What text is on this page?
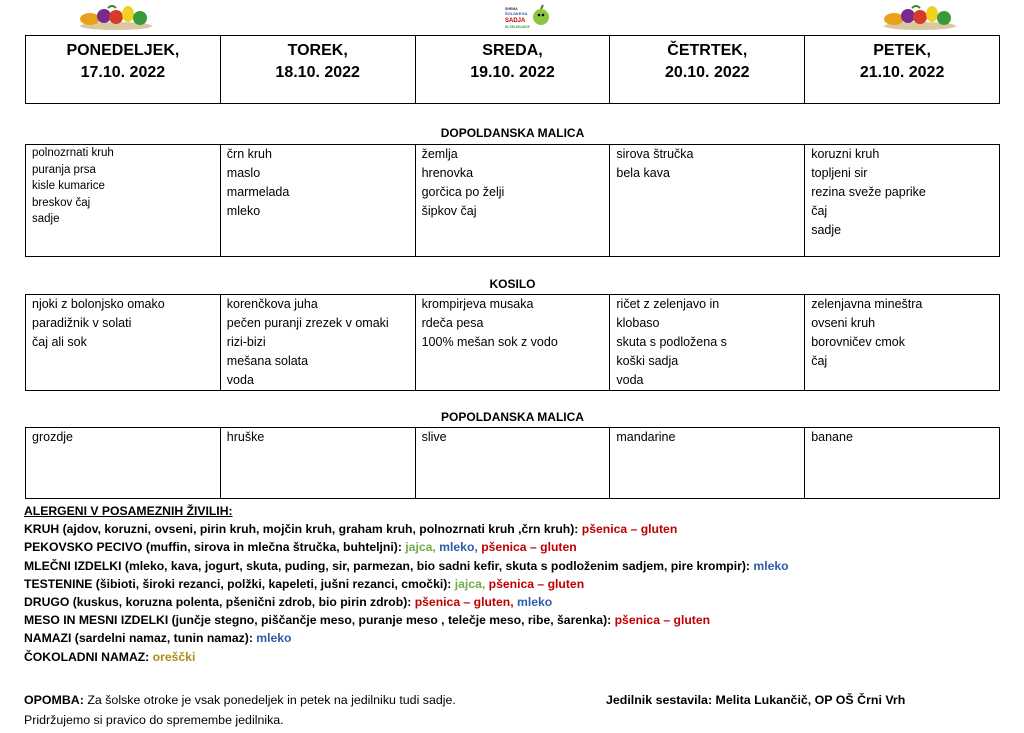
SHEMA
ŠOLSKEGA
SADJA
IN ZELENJAVE
PONEDELJEK,
17.10. 2022

TOREK,
18.10. 2022

SREDA,
19.10. 2022

ČETRTEK,
20.10. 2022

PETEK,
21.10. 2022
DOPOLDANSKA MALICA
polnozrnati kruh
puranja prsa
kisle kumarice
breskov čaj
sadje

črn kruh
maslo
marmelada
mleko

žemlja
hrenovka
gorčica po želji
šipkov čaj

sirova štručka
bela kava

koruzni kruh
topljeni sir
rezina sveže paprike
čaj
sadje
KOSILO
njoki z bolonjsko omako
paradižnik v solati
čaj ali sok

korenčkova juha
pečen puranji zrezek v omaki
rizi-bizi
mešana solata
voda

krompirjeva musaka
rdeča pesa
100% mešan sok z vodo

ričet z zelenjavo in
klobaso
skuta s podložena s
koški sadja
voda

zelenjavna mineštra
ovseni kruh
borovničev cmok
čaj
POPOLDANSKA MALICA
grozdje	hruške	slive	mandarine	banane
ALERGENI V POSAMEZNIH ŽIVILIH:
KRUH (ajdov, koruzni, ovseni, pirin kruh, mojčin kruh, graham kruh, polnozrnati kruh ,črn kruh): pšenica – gluten
PEKOVSKO PECIVO (muffin, sirova in mlečna štručka, buhteljni): jajca, mleko, pšenica – gluten
MLEČNI IZDELKI (mleko, kava, jogurt, skuta, puding, sir, parmezan, bio sadni kefir, skuta s podloženim sadjem, pire krompir): mleko
TESTENINE (šibioti, široki rezanci, polžki, kapeleti, jušni rezanci, cmočki): jajca, pšenica – gluten
DRUGO (kuskus, koruzna polenta, pšenični zdrob, bio pirin zdrob): pšenica – gluten, mleko
MESO IN MESNI IZDELKI (junčje stegno, piščančje meso, puranje meso , telečje meso, ribe, šarenka): pšenica – gluten
NAMAZI (sardelni namaz, tunin namaz): mleko
ČOKOLADNI NAMAZ: oreščki
OPOMBA: Za šolske otroke je vsak ponedeljek in petek na jedilniku tudi sadje.
Pridržujemo si pravico do spremembe jedilnika.
Jedilnik sestavila: Melita Lukančič, OP OŠ Črni Vrh
